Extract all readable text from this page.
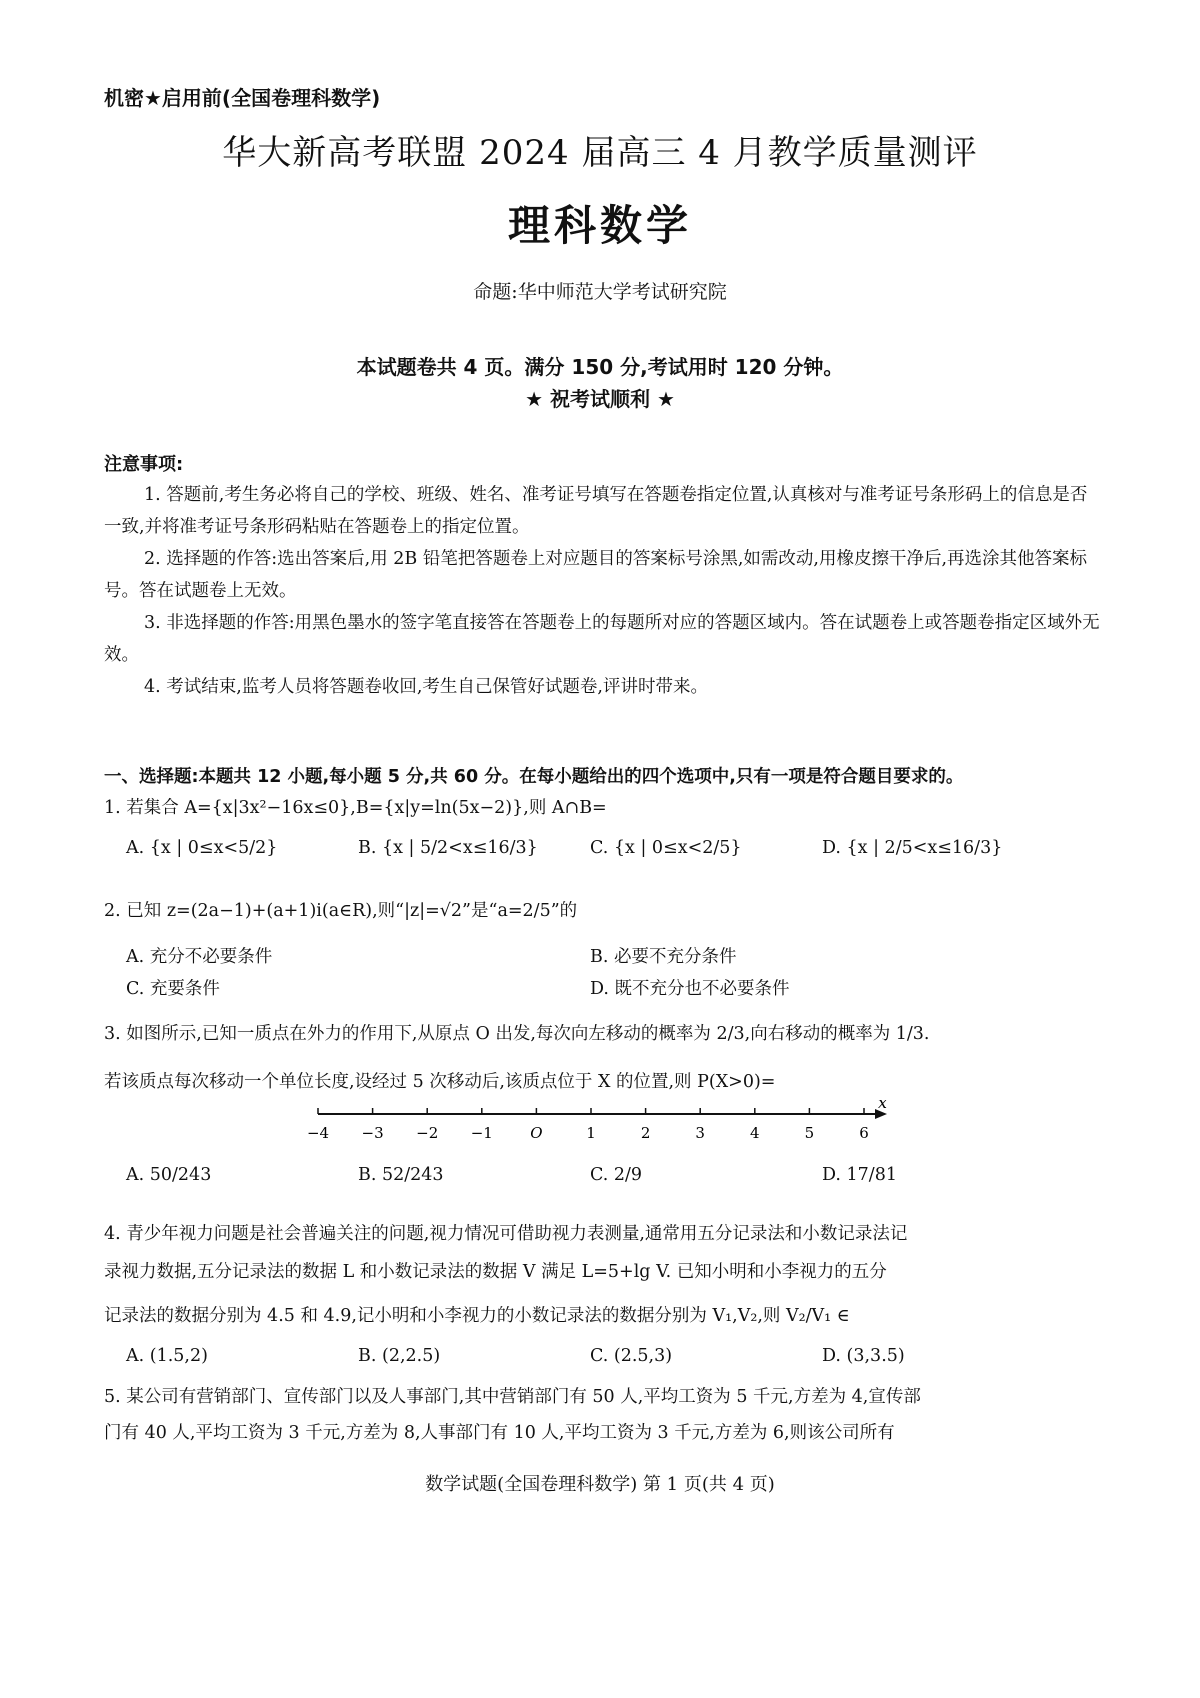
机密★启用前(全国卷理科数学)
华大新高考联盟 2024 届高三 4 月教学质量测评
理科数学
命题:华中师范大学考试研究院
本试题卷共 4 页。满分 150 分,考试用时 120 分钟。
★ 祝考试顺利 ★
注意事项:
1. 答题前,考生务必将自己的学校、班级、姓名、准考证号填写在答题卷指定位置,认真核对与准考证号条形码上的信息是否一致,并将准考证号条形码粘贴在答题卷上的指定位置。
2. 选择题的作答:选出答案后,用 2B 铅笔把答题卷上对应题目的答案标号涂黑,如需改动,用橡皮擦干净后,再选涂其他答案标号。答在试题卷上无效。
3. 非选择题的作答:用黑色墨水的签字笔直接答在答题卷上的每题所对应的答题区域内。答在试题卷上或答题卷指定区域外无效。
4. 考试结束,监考人员将答题卷收回,考生自己保管好试题卷,评讲时带来。
一、选择题:本题共 12 小题,每小题 5 分,共 60 分。在每小题给出的四个选项中,只有一项是符合题目要求的。
1. 若集合 A={x|3x²−16x≤0},B={x|y=ln(5x−2)},则 A∩B=
A. {x | 0≤x<5/2}	B. {x | 5/2<x≤16/3}	C. {x | 0≤x<2/5}	D. {x | 2/5<x≤16/3}
2. 已知 z=(2a−1)+(a+1)i(a∈R),则“|z|=√2”是“a=2/5”的
A. 充分不必要条件	B. 必要不充分条件
C. 充要条件	D. 既不充分也不必要条件
3. 如图所示,已知一质点在外力的作用下,从原点 O 出发,每次向左移动的概率为 2/3,向右移动的概率为 1/3.
若该质点每次移动一个单位长度,设经过 5 次移动后,该质点位于 X 的位置,则 P(X>0)=
x
−4 −3 −2 −1 O	1	2	3	4	5	6
A. 50/243	B. 52/243	C. 2/9	D. 17/81
4. 青少年视力问题是社会普遍关注的问题,视力情况可借助视力表测量,通常用五分记录法和小数记录法记
录视力数据,五分记录法的数据 L 和小数记录法的数据 V 满足 L=5+lg V. 已知小明和小李视力的五分
记录法的数据分别为 4.5 和 4.9,记小明和小李视力的小数记录法的数据分别为 V₁,V₂,则 V₂/V₁ ∈
A. (1.5,2)	B. (2,2.5)	C. (2.5,3)	D. (3,3.5)
5. 某公司有营销部门、宣传部门以及人事部门,其中营销部门有 50 人,平均工资为 5 千元,方差为 4,宣传部
门有 40 人,平均工资为 3 千元,方差为 8,人事部门有 10 人,平均工资为 3 千元,方差为 6,则该公司所有
数学试题(全国卷理科数学) 第 1 页(共 4 页)
